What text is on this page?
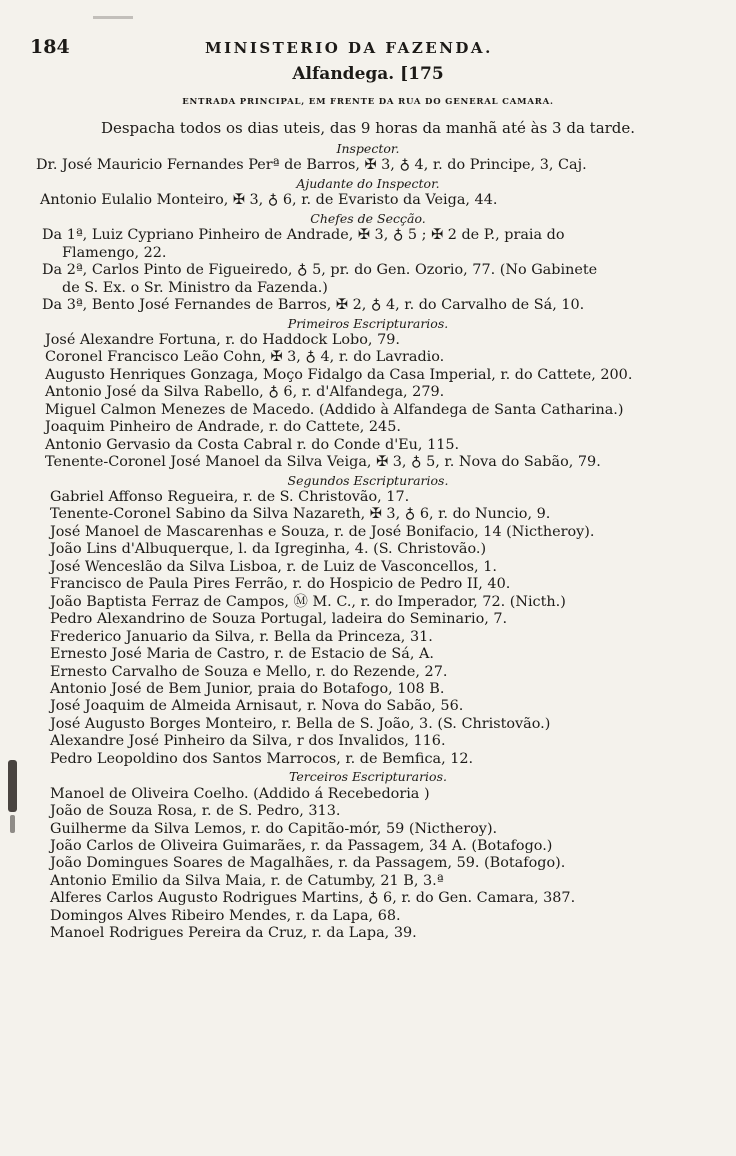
184	MINISTERIO DA FAZENDA.
Alfandega. [175
ENTRADA PRINCIPAL, EM FRENTE DA RUA DO GENERAL CAMARA.
Despacha todos os dias uteis, das 9 horas da manhã até às 3 da tarde.
Inspector.
Dr. José Mauricio Fernandes Perª de Barros, ✠ 3, ♁ 4, r. do Principe, 3, Caj.
Ajudante do Inspector.
Antonio Eulalio Monteiro, ✠ 3, ♁ 6, r. de Evaristo da Veiga, 44.
Chefes de Secção.
Da 1ª, Luiz Cypriano Pinheiro de Andrade, ✠ 3, ♁ 5 ; ✠ 2 de P., praia do
Flamengo, 22.
Da 2ª, Carlos Pinto de Figueiredo, ♁ 5, pr. do Gen. Ozorio, 77. (No Gabinete
de S. Ex. o Sr. Ministro da Fazenda.)
Da 3ª, Bento José Fernandes de Barros, ✠ 2, ♁ 4, r. do Carvalho de Sá, 10.
Primeiros Escripturarios.
José Alexandre Fortuna, r. do Haddock Lobo, 79.
Coronel Francisco Leão Cohn, ✠ 3, ♁ 4, r. do Lavradio.
Augusto Henriques Gonzaga, Moço Fidalgo da Casa Imperial, r. do Cattete, 200.
Antonio José da Silva Rabello, ♁ 6, r. d'Alfandega, 279.
Miguel Calmon Menezes de Macedo. (Addido à Alfandega de Santa Catharina.)
Joaquim Pinheiro de Andrade, r. do Cattete, 245.
Antonio Gervasio da Costa Cabral r. do Conde d'Eu, 115.
Tenente-Coronel José Manoel da Silva Veiga, ✠ 3, ♁ 5, r. Nova do Sabão, 79.
Segundos Escripturarios.
Gabriel Affonso Regueira, r. de S. Christovão, 17.
Tenente-Coronel Sabino da Silva Nazareth, ✠ 3, ♁ 6, r. do Nuncio, 9.
José Manoel de Mascarenhas e Souza, r. de José Bonifacio, 14 (Nictheroy).
João Lins d'Albuquerque, l. da Igreginha, 4. (S. Christovão.)
José Wenceslão da Silva Lisboa, r. de Luiz de Vasconcellos, 1.
Francisco de Paula Pires Ferrão, r. do Hospicio de Pedro II, 40.
João Baptista Ferraz de Campos, Ⓜ M. C., r. do Imperador, 72. (Nicth.)
Pedro Alexandrino de Souza Portugal, ladeira do Seminario, 7.
Frederico Januario da Silva, r. Bella da Princeza, 31.
Ernesto José Maria de Castro, r. de Estacio de Sá, A.
Ernesto Carvalho de Souza e Mello, r. do Rezende, 27.
Antonio José de Bem Junior, praia do Botafogo, 108 B.
José Joaquim de Almeida Arnisaut, r. Nova do Sabão, 56.
José Augusto Borges Monteiro, r. Bella de S. João, 3. (S. Christovão.)
Alexandre José Pinheiro da Silva, r dos Invalidos, 116.
Pedro Leopoldino dos Santos Marrocos, r. de Bemfica, 12.
Terceiros Escripturarios.
Manoel de Oliveira Coelho. (Addido á Recebedoria )
João de Souza Rosa, r. de S. Pedro, 313.
Guilherme da Silva Lemos, r. do Capitão-mór, 59 (Nictheroy).
João Carlos de Oliveira Guimarães, r. da Passagem, 34 A. (Botafogo.)
João Domingues Soares de Magalhães, r. da Passagem, 59. (Botafogo).
Antonio Emilio da Silva Maia, r. de Catumby, 21 B, 3.ª
Alferes Carlos Augusto Rodrigues Martins, ♁ 6, r. do Gen. Camara, 387.
Domingos Alves Ribeiro Mendes, r. da Lapa, 68.
Manoel Rodrigues Pereira da Cruz, r. da Lapa, 39.
